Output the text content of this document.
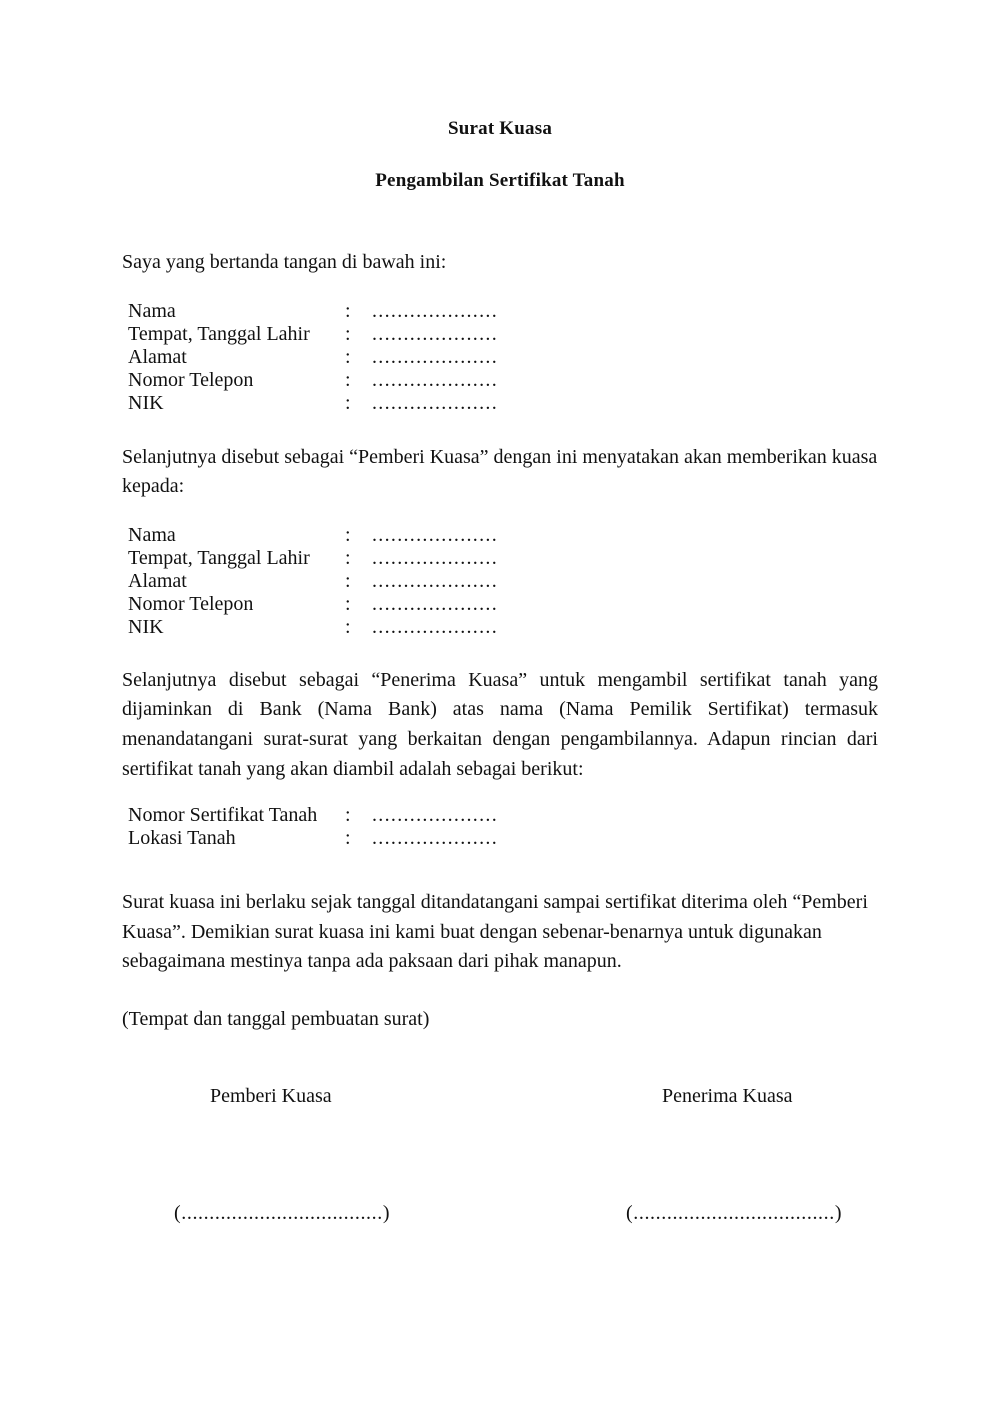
Surat Kuasa
Pengambilan Sertifikat Tanah

Saya yang bertanda tangan di bawah ini:

Nama	: ....................
Tempat, Tanggal Lahir : ....................
Alamat	: ....................
Nomor Telepon	: ....................
NIK	: ....................

Selanjutnya disebut sebagai “Pemberi Kuasa” dengan ini menyatakan akan memberikan kuasa kepada:

Nama	: ....................
Tempat, Tanggal Lahir : ....................
Alamat	: ....................
Nomor Telepon	: ....................
NIK	: ....................

Selanjutnya disebut sebagai “Penerima Kuasa” untuk mengambil sertifikat tanah yang dijaminkan di Bank (Nama Bank) atas nama (Nama Pemilik Sertifikat) termasuk menandatangani surat-surat yang berkaitan dengan pengambilannya. Adapun rincian dari sertifikat tanah yang akan diambil adalah sebagai berikut:

Nomor Sertifikat Tanah : ....................
Lokasi Tanah	: ....................

Surat kuasa ini berlaku sejak tanggal ditandatangani sampai sertifikat diterima oleh “Pemberi Kuasa”. Demikian surat kuasa ini kami buat dengan sebenar-benarnya untuk digunakan sebagaimana mestinya tanpa ada paksaan dari pihak manapun.

(Tempat dan tanggal pembuatan surat)

Pemberi Kuasa	Penerima Kuasa
(....................................)	(....................................)
